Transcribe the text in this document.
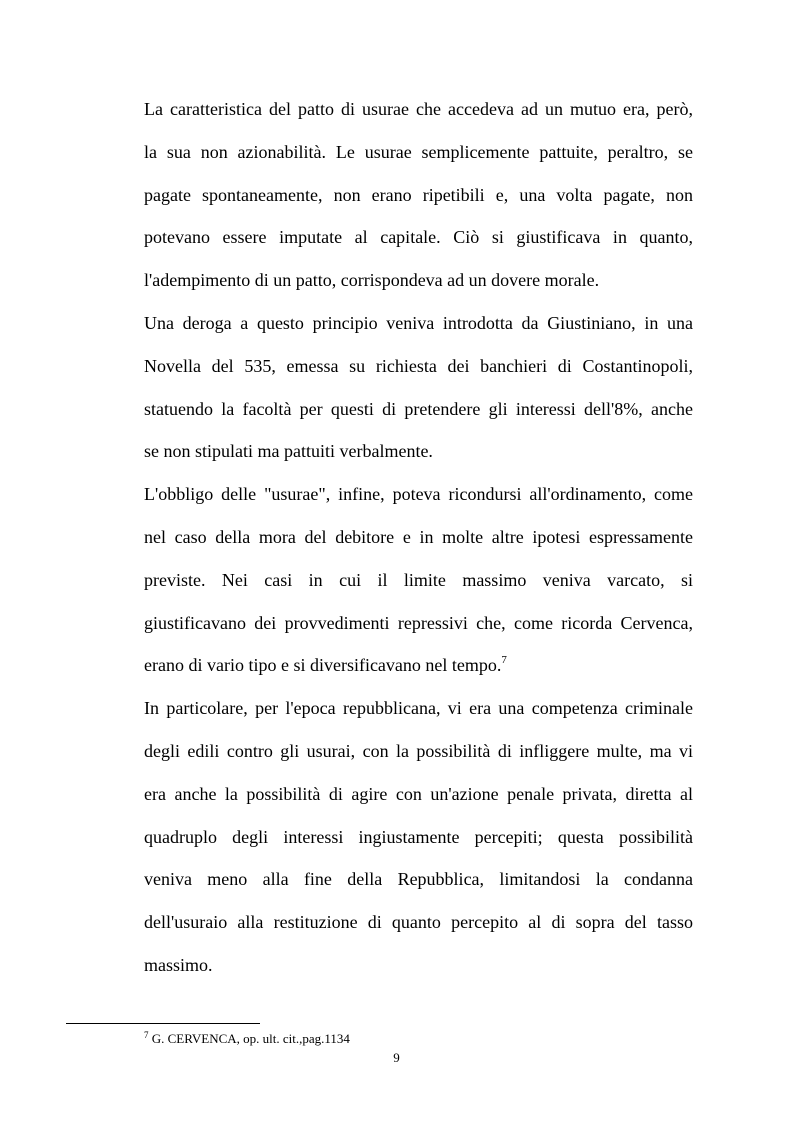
La caratteristica del patto di usurae che accedeva ad un mutuo era, però,
la sua non azionabilità. Le usurae semplicemente pattuite, peraltro, se
pagate spontaneamente, non erano ripetibili e, una volta pagate, non
potevano essere imputate al capitale. Ciò si giustificava in quanto,
l'adempimento di un patto, corrispondeva ad un dovere morale.
Una deroga a questo principio veniva introdotta da Giustiniano, in una
Novella del 535, emessa su richiesta dei banchieri di Costantinopoli,
statuendo la facoltà per questi di pretendere gli interessi dell'8%, anche
se non stipulati ma pattuiti verbalmente.
L'obbligo delle "usurae", infine, poteva ricondursi all'ordinamento, come
nel caso della mora del debitore e in molte altre ipotesi espressamente
previste. Nei casi in cui il limite massimo veniva varcato, si
giustificavano dei provvedimenti repressivi che, come ricorda Cervenca,
erano di vario tipo e si diversificavano nel tempo.$^7$
In particolare, per l'epoca repubblicana, vi era una competenza criminale
degli edili contro gli usurai, con la possibilità di infliggere multe, ma vi
era anche la possibilità di agire con un'azione penale privata, diretta al
quadruplo degli interessi ingiustamente percepiti; questa possibilità
veniva meno alla fine della Repubblica, limitandosi la condanna
dell'usuraio alla restituzione di quanto percepito al di sopra del tasso
massimo.
$^7$ G. CERVENCA, op. ult. cit.,pag.1134
9
